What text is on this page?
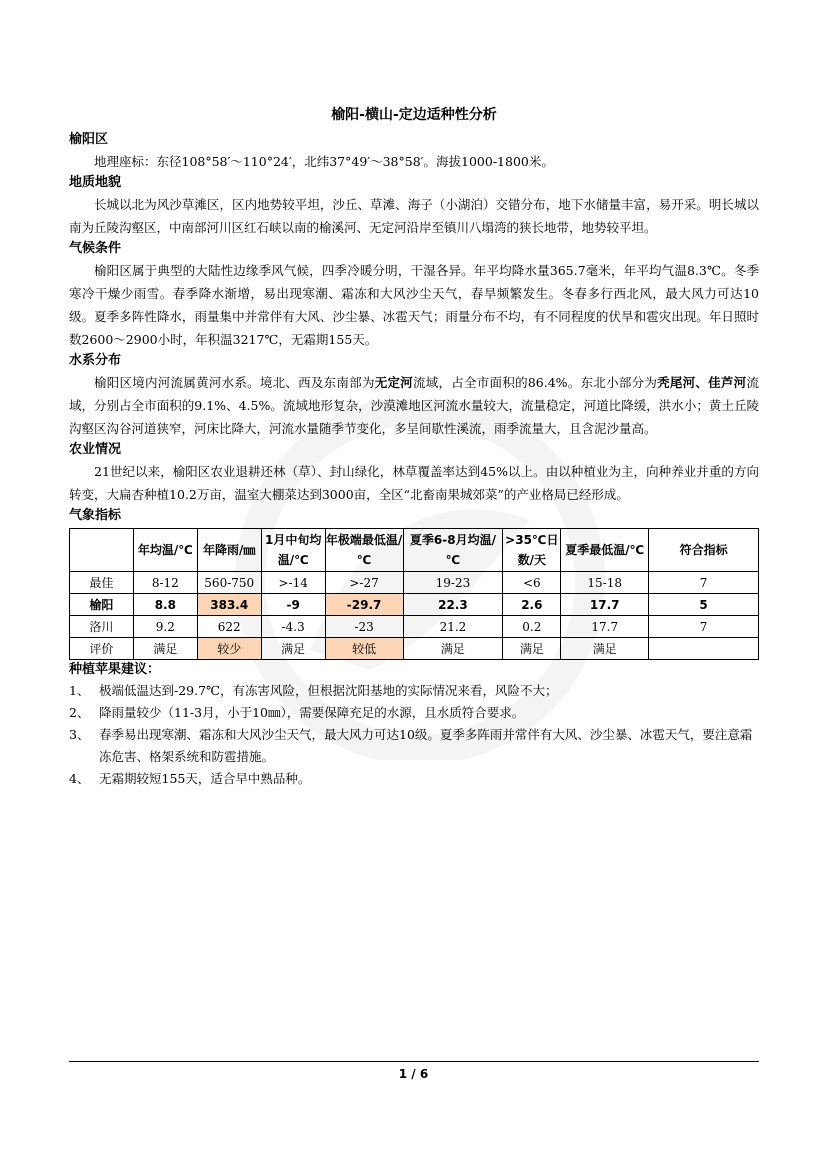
榆阳-横山-定边适种性分析
榆阳区

地理座标：东径108°58′～110°24′，北纬37°49′～38°58′。海拔1000-1800米。

地质地貌

长城以北为风沙草滩区，区内地势较平坦，沙丘、草滩、海子（小湖泊）交错分布，地下水储量丰富，易开采。明长城以南为丘陵沟壑区，中南部河川区红石峡以南的榆溪河、无定河沿岸至镇川八塌湾的狭长地带，地势较平坦。

气候条件

榆阳区属于典型的大陆性边缘季风气候，四季冷暖分明，干湿各异。年平均降水量365.7毫米，年平均气温8.3℃。冬季寒冷干燥少雨雪。春季降水渐增，易出现寒潮、霜冻和大风沙尘天气，春旱频繁发生。冬春多行西北风，最大风力可达10级。夏季多阵性降水，雨量集中并常伴有大风、沙尘暴、冰雹天气；雨量分布不均，有不同程度的伏旱和雹灾出现。年日照时数2600～2900小时，年积温3217℃，无霜期155天。

水系分布

榆阳区境内河流属黄河水系。境北、西及东南部为无定河流域，占全市面积的86.4%。东北小部分为秃尾河、佳芦河流域，分别占全市面积的9.1%、4.5%。流域地形复杂，沙漠滩地区河流水量较大，流量稳定，河道比降缓，洪水小；黄土丘陵沟壑区沟谷河道狭窄，河床比降大，河流水量随季节变化，多呈间歇性溪流，雨季流量大，且含泥沙量高。

农业情况

21世纪以来，榆阳区农业退耕还林（草）、封山绿化，林草覆盖率达到45%以上。由以种植业为主，向种养业并重的方向转变，大扁杏种植10.2万亩，温室大棚菜达到3000亩，全区“北畜南果城郊菜”的产业格局已经形成。

气象指标
	年均温/℃	年降雨/㎜	1月中旬均温/℃	年极端最低温/℃	夏季6-8月均温/℃	>35℃日数/天	夏季最低温/℃	符合指标
最佳	8-12	560-750	>-14	>-27	19-23	<6	15-18	7
榆阳	8.8	383.4	-9	-29.7	22.3	2.6	17.7	5
洛川	9.2	622	-4.3	-23	21.2	0.2	17.7	7
评价	满足	较少	满足	较低	满足	满足	满足	
种植苹果建议：
1、 极端低温达到-29.7℃，有冻害风险，但根据沈阳基地的实际情况来看，风险不大；
2、 降雨量较少（11-3月，小于10㎜），需要保障充足的水源，且水质符合要求。
3、 春季易出现寒潮、霜冻和大风沙尘天气，最大风力可达10级。夏季多阵雨并常伴有大风、沙尘暴、冰雹天气，要注意霜冻危害、格架系统和防雹措施。
4、 无霜期较短155天，适合早中熟品种。
1 / 6
